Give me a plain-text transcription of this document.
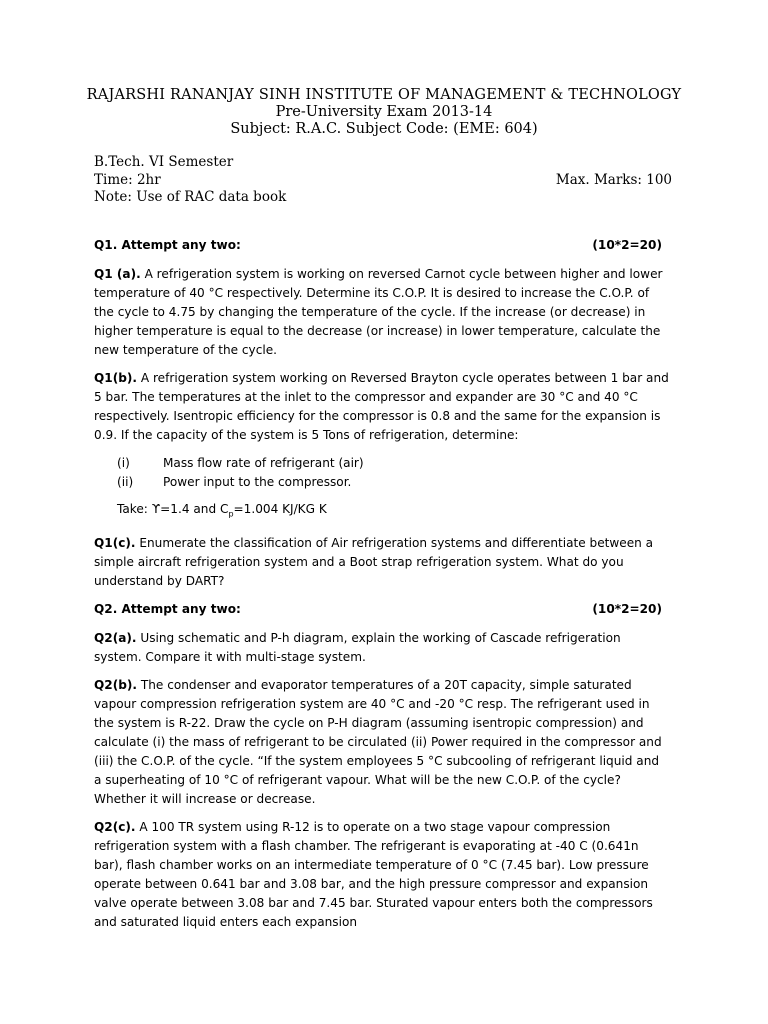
RAJARSHI RANANJAY SINH INSTITUTE OF MANAGEMENT & TECHNOLOGY
Pre-University Exam 2013-14
Subject: R.A.C. Subject Code: (EME: 604)
B.Tech. VI Semester
Time: 2hr	Max. Marks: 100
Note: Use of RAC data book
Q1. Attempt any two:	(10*2=20)

Q1 (a). A refrigeration system is working on reversed Carnot cycle between higher and lower temperature of 40 °C respectively. Determine its C.O.P. It is desired to increase the C.O.P. of the cycle to 4.75 by changing the temperature of the cycle. If the increase (or decrease) in higher temperature is equal to the decrease (or increase) in lower temperature, calculate the new temperature of the cycle.

Q1(b). A refrigeration system working on Reversed Brayton cycle operates between 1 bar and 5 bar. The temperatures at the inlet to the compressor and expander are 30 °C and 40 °C respectively. Isentropic efficiency for the compressor is 0.8 and the same for the expansion is 0.9. If the capacity of the system is 5 Tons of refrigeration, determine:

(i)	Mass flow rate of refrigerant (air)
(ii)	Power input to the compressor.
Take: ϒ=1.4 and $C_p=1.004$ KJ/KG K

Q1(c). Enumerate the classification of Air refrigeration systems and differentiate between a simple aircraft refrigeration system and a Boot strap refrigeration system. What do you understand by DART?

Q2. Attempt any two:	(10*2=20)

Q2(a). Using schematic and P-h diagram, explain the working of Cascade refrigeration system. Compare it with multi-stage system.

Q2(b). The condenser and evaporator temperatures of a 20T capacity, simple saturated vapour compression refrigeration system are 40 °C and -20 °C resp. The refrigerant used in the system is R-22. Draw the cycle on P-H diagram (assuming isentropic compression) and calculate (i) the mass of refrigerant to be circulated (ii) Power required in the compressor and (iii) the C.O.P. of the cycle. “If the system employees 5 °C subcooling of refrigerant liquid and a superheating of 10 °C of refrigerant vapour. What will be the new C.O.P. of the cycle? Whether it will increase or decrease.

Q2(c). A 100 TR system using R-12 is to operate on a two stage vapour compression refrigeration system with a flash chamber. The refrigerant is evaporating at -40 C (0.641n bar), flash chamber works on an intermediate temperature of 0 °C (7.45 bar). Low pressure operate between 0.641 bar and 3.08 bar, and the high pressure compressor and expansion valve operate between 3.08 bar and 7.45 bar. Sturated vapour enters both the compressors and saturated liquid enters each expansion
